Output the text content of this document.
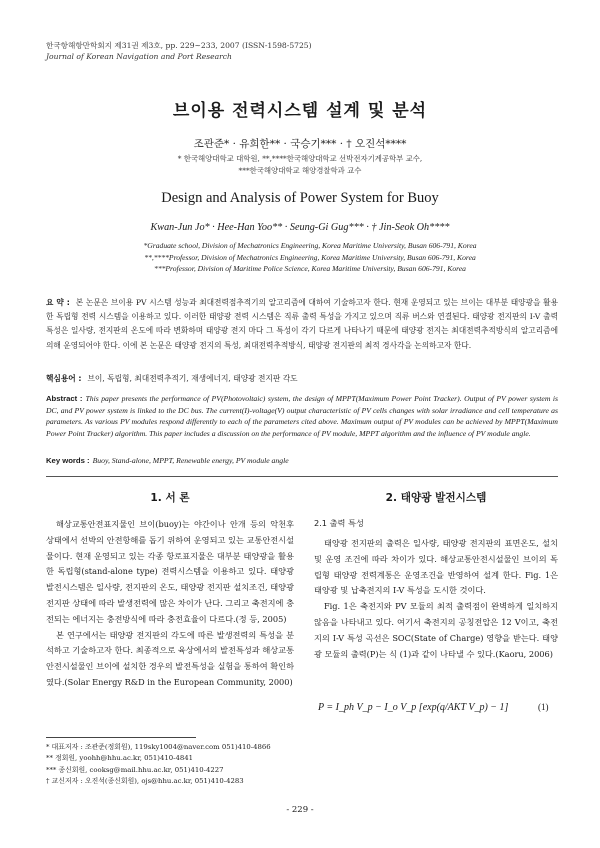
한국항해항만학회지 제31권 제3호, pp. 229~233, 2007 (ISSN-1598-5725)
Journal of Korean Navigation and Port Research
브이용 전력시스템 설계 및 분석
조관준* · 유희한** · 국승기*** · † 오진석****
* 한국해양대학교 대학원, **,****한국해양대학교 선박전자기계공학부 교수,
***한국해양대학교 해양경찰학과 교수
Design and Analysis of Power System for Buoy
Kwan-Jun Jo* · Hee-Han Yoo** · Seung-Gi Gug*** · † Jin-Seok Oh****
*Graduate school, Division of Mechatronics Engineering, Korea Maritime University, Busan 606-791, Korea
**,****Professor, Division of Mechatronics Engineering, Korea Maritime University, Busan 606-791, Korea
***Professor, Division of Maritime Police Science, Korea Maritime University, Busan 606-791, Korea
요 약 : 본 논문은 브이용 PV 시스템 성능과 최대전력점추적기의 알고리즘에 대하여 기술하고자 한다. 현재 운영되고 있는 브이는 대부분 태양광을 활용한 독립형 전력 시스템을 이용하고 있다. 이러한 태양광 전력 시스템은 직류 출력 특성을 가지고 있으며 직류 버스와 연결된다. 태양광 전지판의 I-V 출력 특성은 일사량, 전지판의 온도에 따라 변화하며 태양광 전지 마다 그 특성이 각기 다르게 나타나기 때문에 태양광 전지는 최대전력추적방식의 알고리즘에 의해 운영되어야 한다. 이에 본 논문은 태양광 전지의 특성, 최대전력추적방식, 태양광 전지판의 최적 경사각을 논의하고자 한다.
핵심용어 : 브이, 독립형, 최대전력추적기, 재생에너지, 태양광 전지판 각도
Abstract : This paper presents the performance of PV(Photovoltaic) system, the design of MPPT(Maximum Power Point Tracker). Output of PV power system is DC, and PV power system is linked to the DC bus. The current(I)-voltage(V) output characteristic of PV cells changes with solar irradiance and cell temperature as parameters. As various PV modules respond differently to each of the parameters cited above. Maximum output of PV modules can be achieved by MPPT(Maximum Power Point Tracker) algorithm. This paper includes a discussion on the performance of PV module, MPPT algorithm and the influence of PV module angle.
Key words : Buoy, Stand-alone, MPPT, Renewable energy, PV module angle
1. 서 론

해상교통안전표지물인 브이(buoy)는 야간이나 안개 등의 악천후 상태에서 선박의 안전항해를 돕기 위하여 운영되고 있는 교통안전시설물이다. 현재 운영되고 있는 각종 항로표지물은 대부분 태양광을 활용한 독립형(stand-alone type) 전력시스템을 이용하고 있다. 태양광 발전시스템은 일사량, 전지판의 온도, 태양광 전지판 설치조건, 태양광 전지판 상태에 따라 발생전력에 많은 차이가 난다. 그리고 축전지에 충전되는 에너지는 충전방식에 따라 충전효율이 다르다.(정 등, 2005)

본 연구에서는 태양광 전지판의 각도에 따른 발생전력의 특성을 분석하고 기술하고자 한다. 최종적으로 육상에서의 발전특성과 해상교통안전시설물인 브이에 설치한 경우의 발전특성을 실험을 통하여 확인하였다.(Solar Energy R&D in the European Community, 2000)

2. 태양광 발전시스템
2.1 출력 특성

태양광 전지판의 출력은 일사량, 태양광 전지판의 표면온도, 설치 및 운영 조건에 따라 차이가 있다. 해상교통안전시설물인 브이의 독립형 태양광 전력계통은 운영조건을 반영하여 설계 한다. Fig. 1은 태양광 및 납축전지의 I-V 특성을 도시한 것이다.

Fig. 1은 축전지와 PV 모듈의 최적 출력점이 완벽하게 일치하지 않음을 나타내고 있다. 여기서 축전지의 공칭전압은 12 V이고, 축전지의 I-V 특성 곡선은 SOC(State of Charge) 영향을 받는다. 태양광 모듈의 출력(P)는 식 (1)과 같이 나타낼 수 있다.(Kaoru, 2006)

P = I_ph V_p − I_o V_p [exp(q/AKT V_p) − 1]	(1)
* 대표저자 : 조관준(정회원), 119sky1004@naver.com 051)410-4866
** 정회원, yoohh@hhu.ac.kr, 051)410-4841
*** 종신회원, cooksg@mail.hhu.ac.kr, 051)410-4227
† 교신저자 : 오진석(종신회원), ojs@hhu.ac.kr, 051)410-4283
- 229 -
